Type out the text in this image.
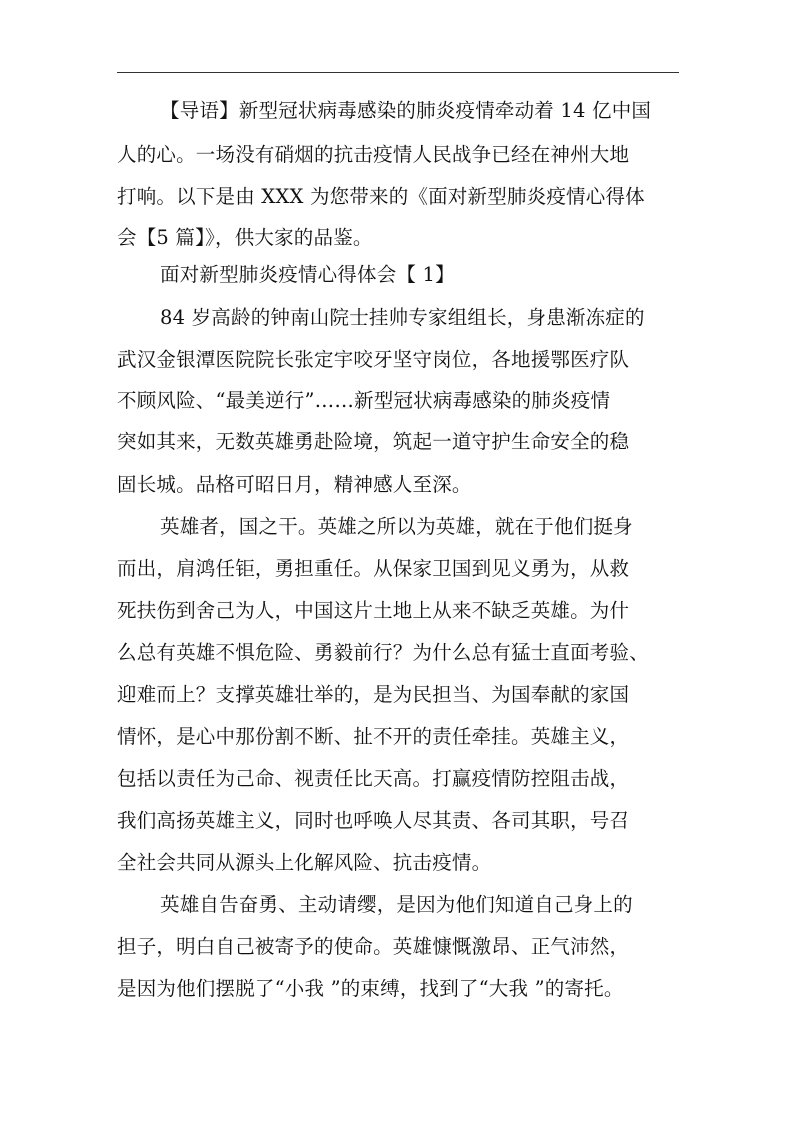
【导语】新型冠状病毒感染的肺炎疫情牵动着 14 亿中国
人的心。一场没有硝烟的抗击疫情人民战争已经在神州大地
打响。以下是由 XXX 为您带来的《面对新型肺炎疫情心得体
会【5 篇】》，供大家的品鉴。
面对新型肺炎疫情心得体会【 1】
84 岁高龄的钟南山院士挂帅专家组组长，身患渐冻症的
武汉金银潭医院院长张定宇咬牙坚守岗位，各地援鄂医疗队
不顾风险、“最美逆行”……新型冠状病毒感染的肺炎疫情
突如其来，无数英雄勇赴险境，筑起一道守护生命安全的稳
固长城。品格可昭日月，精神感人至深。
英雄者，国之干。英雄之所以为英雄，就在于他们挺身
而出，肩鸿任钜，勇担重任。从保家卫国到见义勇为，从救
死扶伤到舍己为人，中国这片土地上从来不缺乏英雄。为什
么总有英雄不惧危险、勇毅前行？为什么总有猛士直面考验、
迎难而上？支撑英雄壮举的，是为民担当、为国奉献的家国
情怀，是心中那份割不断、扯不开的责任牵挂。英雄主义，
包括以责任为己命、视责任比天高。打赢疫情防控阻击战，
我们高扬英雄主义，同时也呼唤人尽其责、各司其职，号召
全社会共同从源头上化解风险、抗击疫情。
英雄自告奋勇、主动请缨，是因为他们知道自己身上的
担子，明白自己被寄予的使命。英雄慷慨激昂、正气沛然，
是因为他们摆脱了“小我 ”的束缚，找到了“大我 ”的寄托。
